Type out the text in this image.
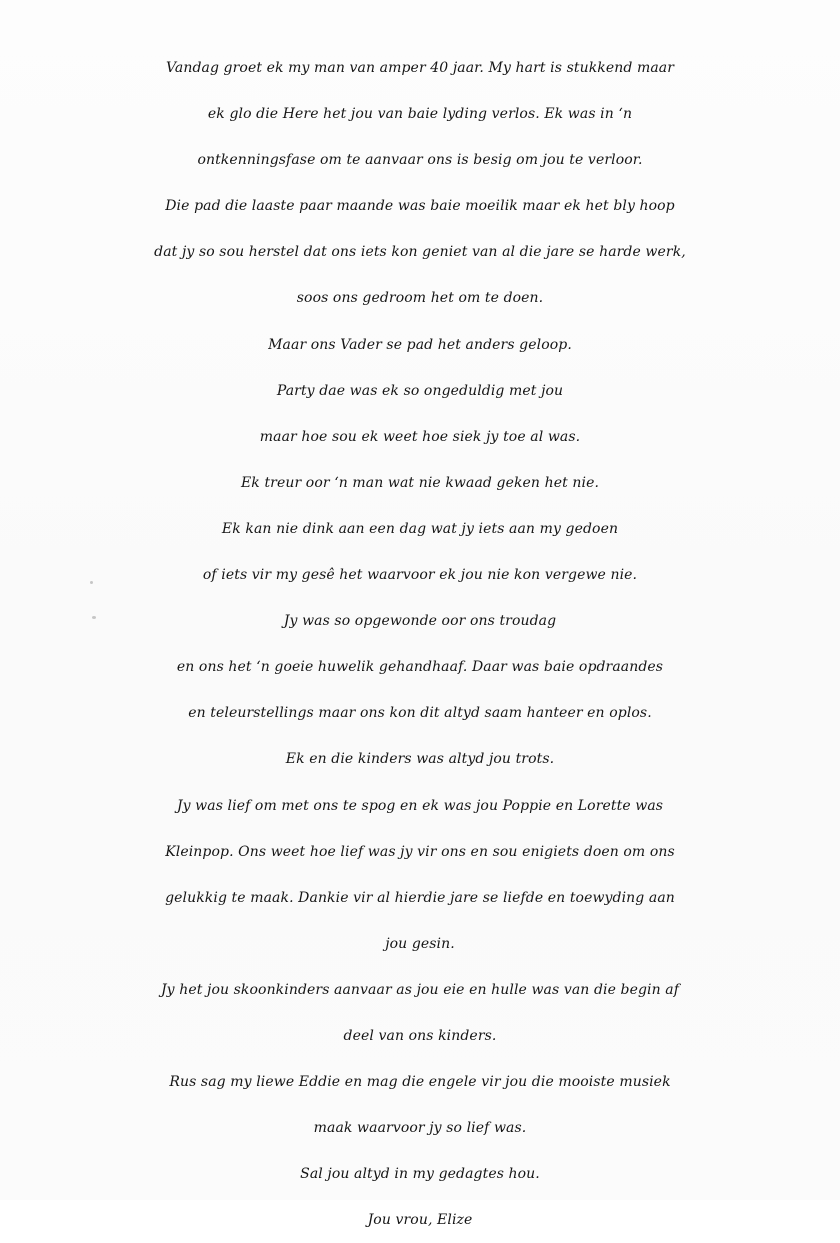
Vandag groet ek my man van amper 40 jaar. My hart is stukkend maar
ek glo die Here het jou van baie lyding verlos. Ek was in ‘n
ontkenningsfase om te aanvaar ons is besig om jou te verloor.
Die pad die laaste paar maande was baie moeilik maar ek het bly hoop
dat jy so sou herstel dat ons iets kon geniet van al die jare se harde werk,
soos ons gedroom het om te doen.
Maar ons Vader se pad het anders geloop.
Party dae was ek so ongeduldig met jou
maar hoe sou ek weet hoe siek jy toe al was.
Ek treur oor ‘n man wat nie kwaad geken het nie.
Ek kan nie dink aan een dag wat jy iets aan my gedoen
of iets vir my gesê het waarvoor ek jou nie kon vergewe nie.
Jy was so opgewonde oor ons troudag
en ons het ‘n goeie huwelik gehandhaaf. Daar was baie opdraandes
en teleurstellings maar ons kon dit altyd saam hanteer en oplos.
Ek en die kinders was altyd jou trots.
Jy was lief om met ons te spog en ek was jou Poppie en Lorette was
Kleinpop. Ons weet hoe lief was jy vir ons en sou enigiets doen om ons
gelukkig te maak. Dankie vir al hierdie jare se liefde en toewyding aan
jou gesin.
Jy het jou skoonkinders aanvaar as jou eie en hulle was van die begin af
deel van ons kinders.
Rus sag my liewe Eddie en mag die engele vir jou die mooiste musiek
maak waarvoor jy so lief was.
Sal jou altyd in my gedagtes hou.
Jou vrou, Elize
